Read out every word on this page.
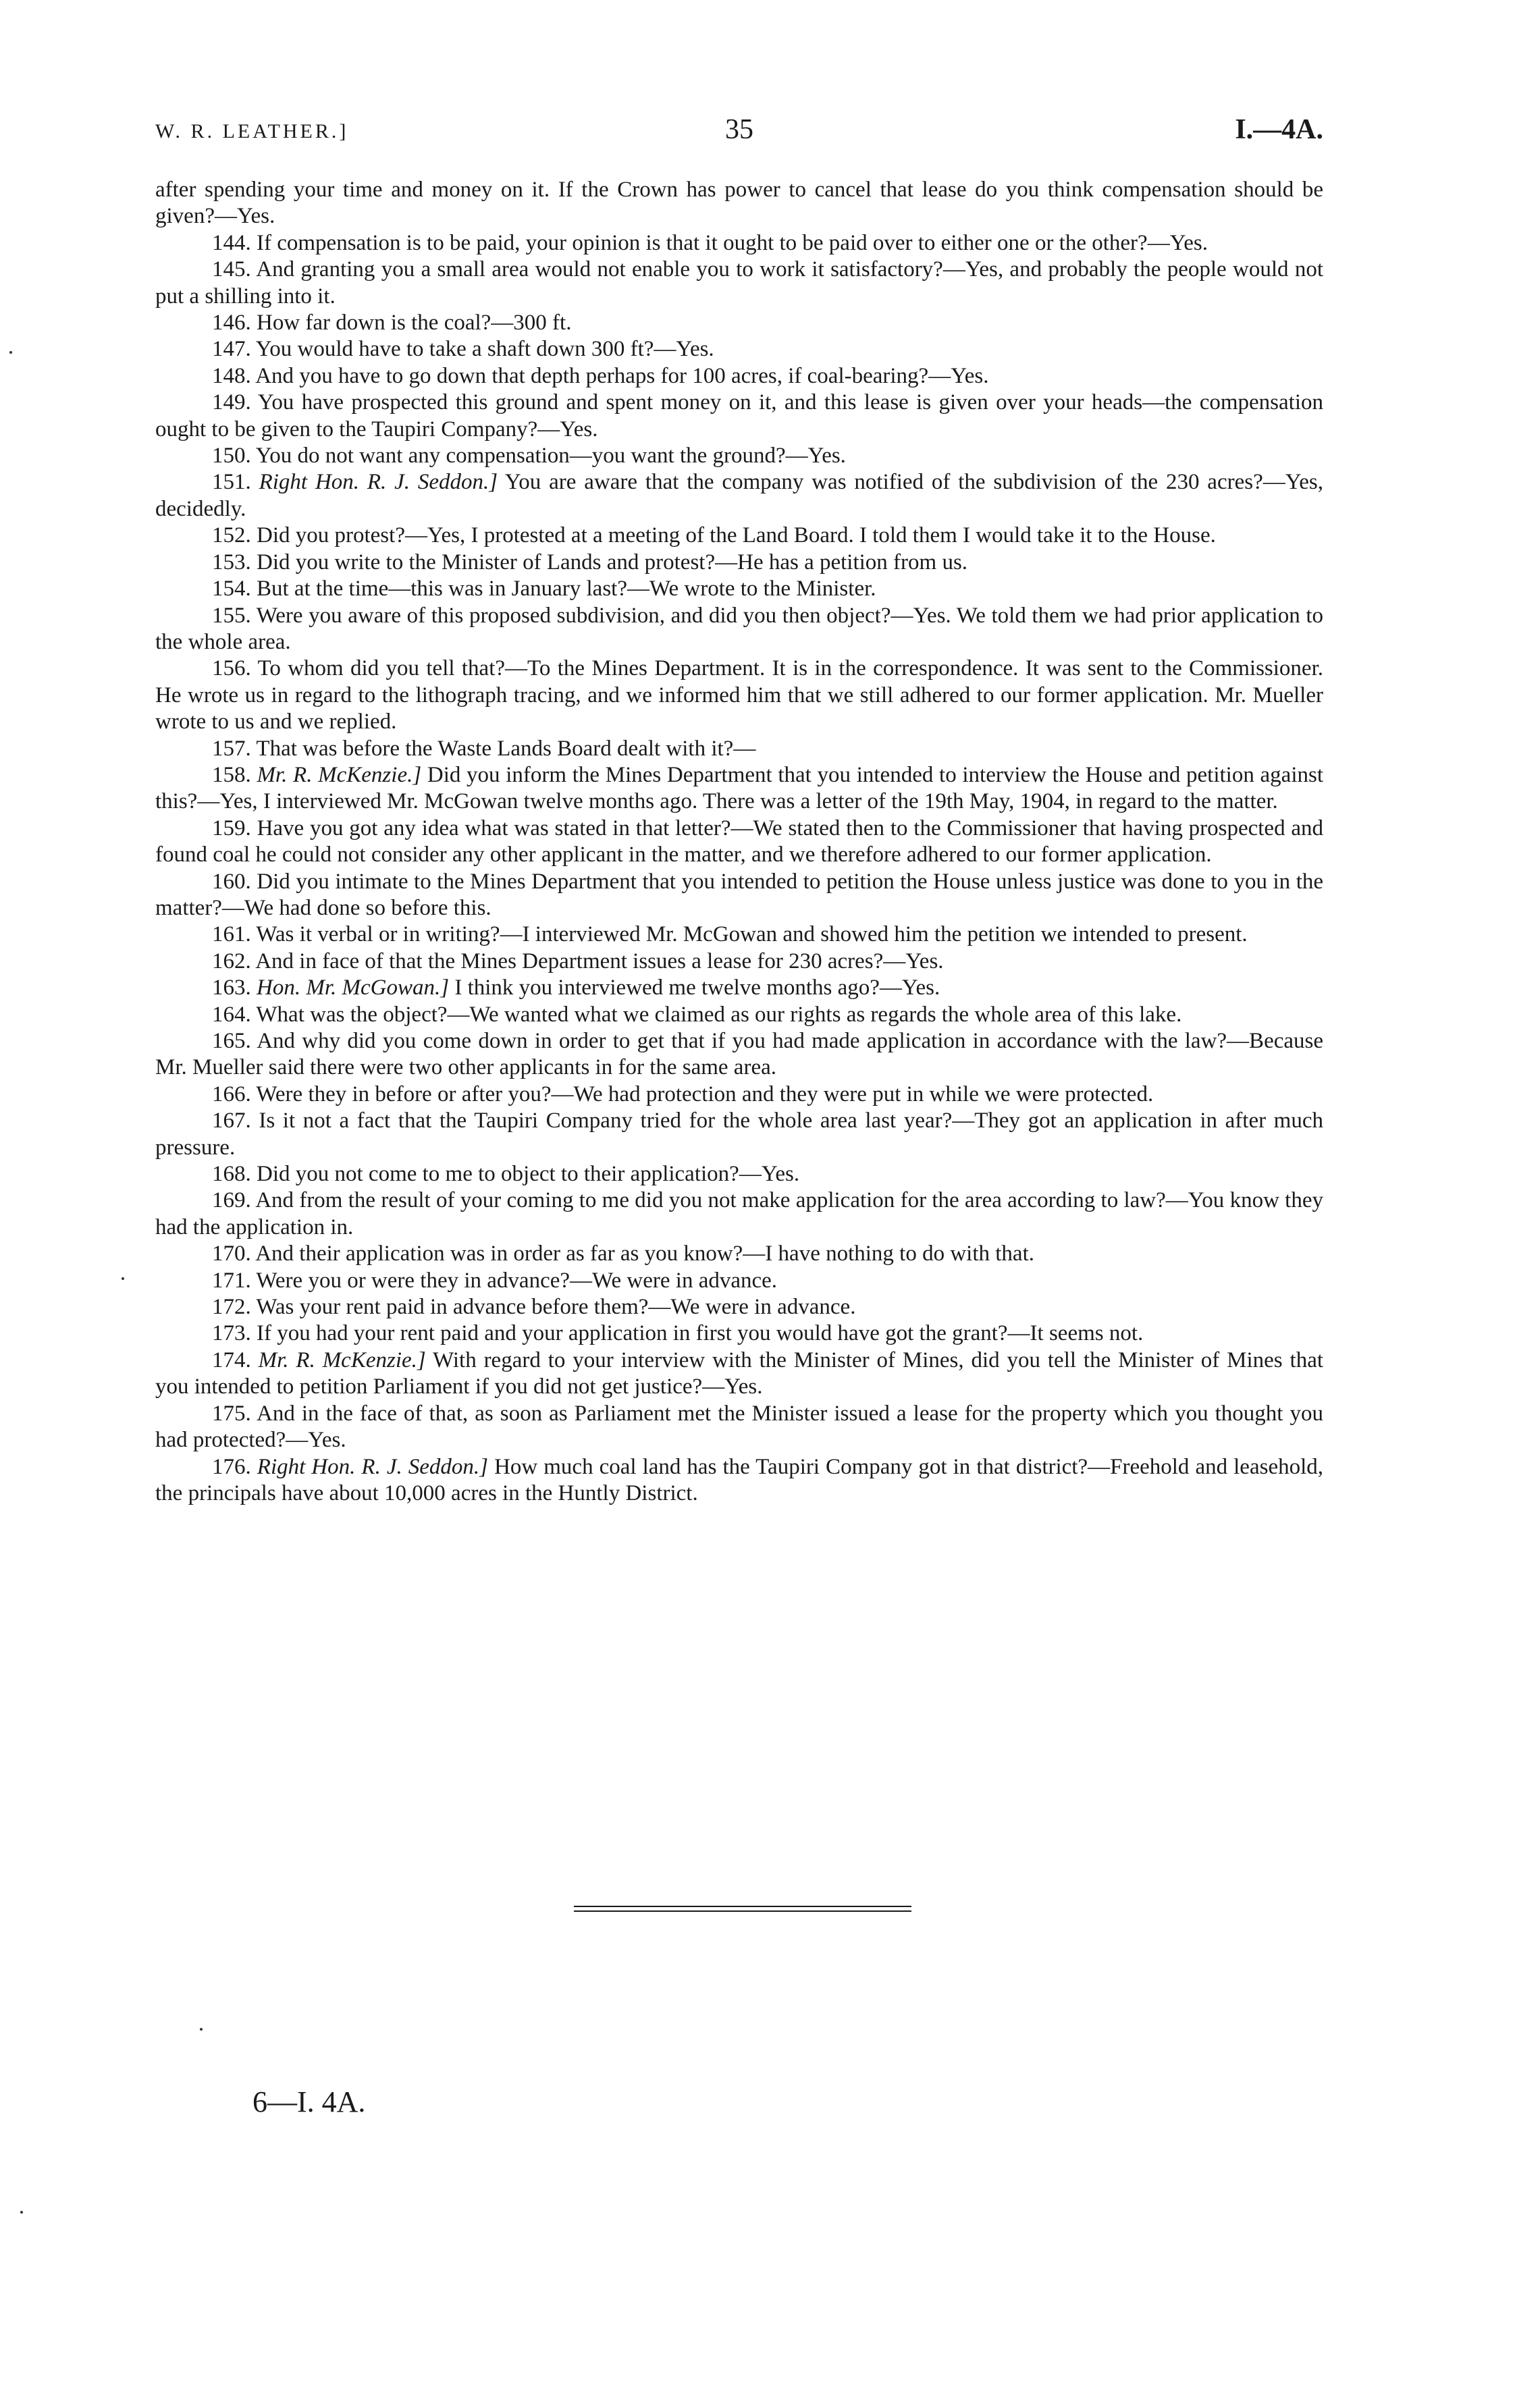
W. R. LEATHER.]	35	I.—4A.

after spending your time and money on it. If the Crown has power to cancel that lease do you think compensation should be given?—Yes.

144. If compensation is to be paid, your opinion is that it ought to be paid over to either one or the other?—Yes.

145. And granting you a small area would not enable you to work it satisfactory?—Yes, and probably the people would not put a shilling into it.

146. How far down is the coal?—300 ft.

147. You would have to take a shaft down 300 ft?—Yes.

148. And you have to go down that depth perhaps for 100 acres, if coal-bearing?—Yes.

149. You have prospected this ground and spent money on it, and this lease is given over your heads—the compensation ought to be given to the Taupiri Company?—Yes.

150. You do not want any compensation—you want the ground?—Yes.

151. Right Hon. R. J. Seddon.] You are aware that the company was notified of the subdivision of the 230 acres?—Yes, decidedly.

152. Did you protest?—Yes, I protested at a meeting of the Land Board. I told them I would take it to the House.

153. Did you write to the Minister of Lands and protest?—He has a petition from us.

154. But at the time—this was in January last?—We wrote to the Minister.

155. Were you aware of this proposed subdivision, and did you then object?—Yes. We told them we had prior application to the whole area.

156. To whom did you tell that?—To the Mines Department. It is in the correspondence. It was sent to the Commissioner. He wrote us in regard to the lithograph tracing, and we informed him that we still adhered to our former application. Mr. Mueller wrote to us and we replied.

157. That was before the Waste Lands Board dealt with it?—

158. Mr. R. McKenzie.] Did you inform the Mines Department that you intended to interview the House and petition against this?—Yes, I interviewed Mr. McGowan twelve months ago. There was a letter of the 19th May, 1904, in regard to the matter.

159. Have you got any idea what was stated in that letter?—We stated then to the Commissioner that having prospected and found coal he could not consider any other applicant in the matter, and we therefore adhered to our former application.

160. Did you intimate to the Mines Department that you intended to petition the House unless justice was done to you in the matter?—We had done so before this.

161. Was it verbal or in writing?—I interviewed Mr. McGowan and showed him the petition we intended to present.

162. And in face of that the Mines Department issues a lease for 230 acres?—Yes.

163. Hon. Mr. McGowan.] I think you interviewed me twelve months ago?—Yes.

164. What was the object?—We wanted what we claimed as our rights as regards the whole area of this lake.

165. And why did you come down in order to get that if you had made application in accordance with the law?—Because Mr. Mueller said there were two other applicants in for the same area.

166. Were they in before or after you?—We had protection and they were put in while we were protected.

167. Is it not a fact that the Taupiri Company tried for the whole area last year?—They got an application in after much pressure.

168. Did you not come to me to object to their application?—Yes.

169. And from the result of your coming to me did you not make application for the area according to law?—You know they had the application in.

170. And their application was in order as far as you know?—I have nothing to do with that.

171. Were you or were they in advance?—We were in advance.

172. Was your rent paid in advance before them?—We were in advance.

173. If you had your rent paid and your application in first you would have got the grant?—It seems not.

174. Mr. R. McKenzie.] With regard to your interview with the Minister of Mines, did you tell the Minister of Mines that you intended to petition Parliament if you did not get justice?—Yes.

175. And in the face of that, as soon as Parliament met the Minister issued a lease for the property which you thought you had protected?—Yes.

176. Right Hon. R. J. Seddon.] How much coal land has the Taupiri Company got in that district?—Freehold and leasehold, the principals have about 10,000 acres in the Huntly District.

6—I. 4A.
